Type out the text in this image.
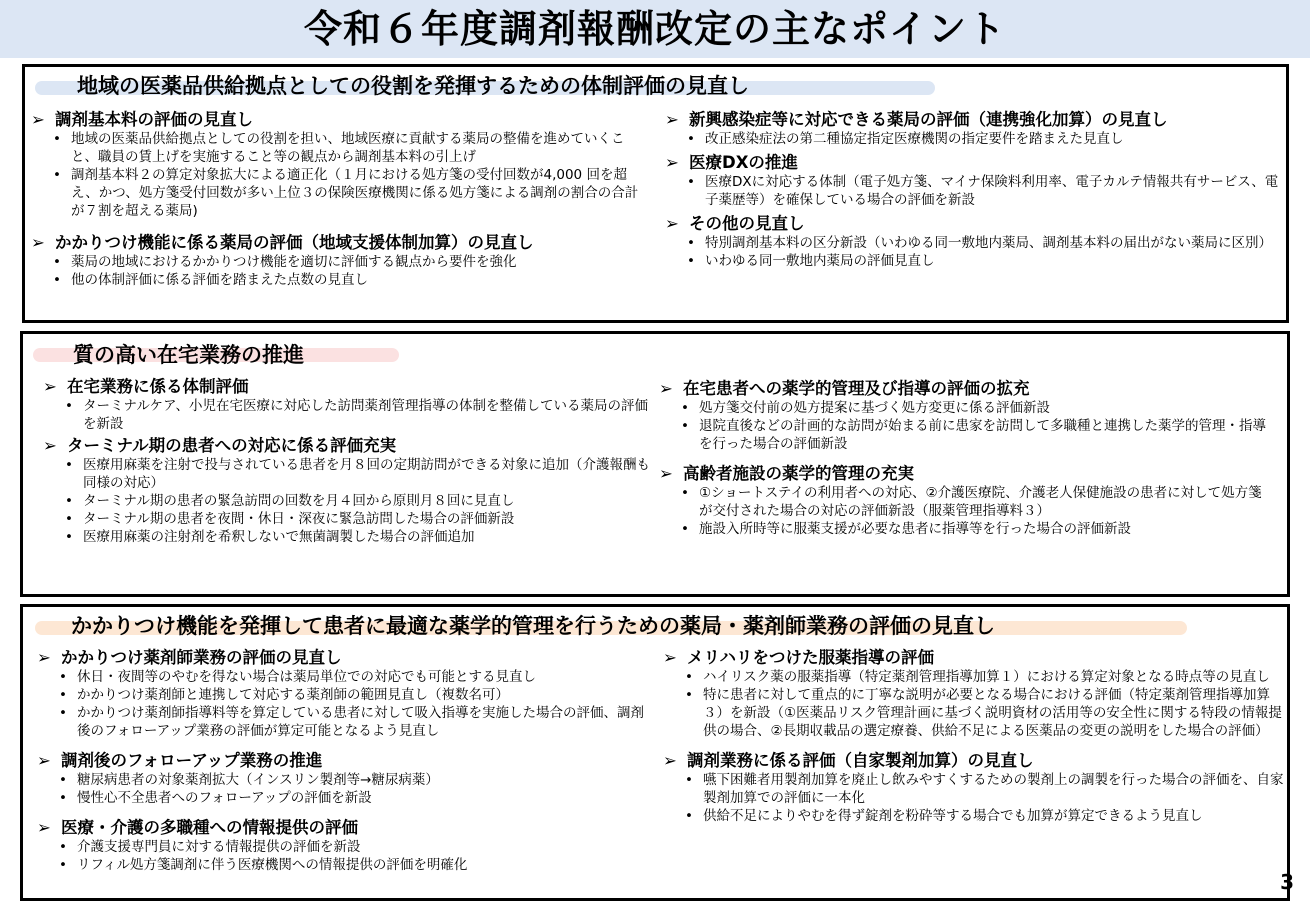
令和６年度調剤報酬改定の主なポイント
地域の医薬品供給拠点としての役割を発揮するための体制評価の見直し
➢ 調剤基本料の評価の見直し
• 地域の医薬品供給拠点としての役割を担い、地域医療に貢献する薬局の整備を進めていくこと、職員の賃上げを実施すること等の観点から調剤基本料の引上げ
• 調剤基本料２の算定対象拡大による適正化（１月における処方箋の受付回数が4,000 回を超え、かつ、処方箋受付回数が多い上位３の保険医療機関に係る処方箋による調剤の割合の合計が７割を超える薬局)
➢ かかりつけ機能に係る薬局の評価（地域支援体制加算）の見直し
• 薬局の地域におけるかかりつけ機能を適切に評価する観点から要件を強化
• 他の体制評価に係る評価を踏まえた点数の見直し
➢ 新興感染症等に対応できる薬局の評価（連携強化加算）の見直し
• 改正感染症法の第二種協定指定医療機関の指定要件を踏まえた見直し
➢ 医療DXの推進
• 医療DXに対応する体制（電子処方箋、マイナ保険料利用率、電子カルテ情報共有サービス、電子薬歴等）を確保している場合の評価を新設
➢ その他の見直し
• 特別調剤基本料の区分新設（いわゆる同一敷地内薬局、調剤基本料の届出がない薬局に区別）
• いわゆる同一敷地内薬局の評価見直し
質の高い在宅業務の推進
➢ 在宅業務に係る体制評価
• ターミナルケア、小児在宅医療に対応した訪問薬剤管理指導の体制を整備している薬局の評価を新設
➢ ターミナル期の患者への対応に係る評価充実
• 医療用麻薬を注射で投与されている患者を月８回の定期訪問ができる対象に追加（介護報酬も同様の対応）
• ターミナル期の患者の緊急訪問の回数を月４回から原則月８回に見直し
• ターミナル期の患者を夜間・休日・深夜に緊急訪問した場合の評価新設
• 医療用麻薬の注射剤を希釈しないで無菌調製した場合の評価追加
➢ 在宅患者への薬学的管理及び指導の評価の拡充
• 処方箋交付前の処方提案に基づく処方変更に係る評価新設
• 退院直後などの計画的な訪問が始まる前に患家を訪問して多職種と連携した薬学的管理・指導を行った場合の評価新設
➢ 高齢者施設の薬学的管理の充実
• ①ショートステイの利用者への対応、②介護医療院、介護老人保健施設の患者に対して処方箋が交付された場合の対応の評価新設（服薬管理指導料３）
• 施設入所時等に服薬支援が必要な患者に指導等を行った場合の評価新設
かかりつけ機能を発揮して患者に最適な薬学的管理を行うための薬局・薬剤師業務の評価の見直し
➢ かかりつけ薬剤師業務の評価の見直し
• 休日・夜間等のやむを得ない場合は薬局単位での対応でも可能とする見直し
• かかりつけ薬剤師と連携して対応する薬剤師の範囲見直し（複数名可）
• かかりつけ薬剤師指導料等を算定している患者に対して吸入指導を実施した場合の評価、調剤後のフォローアップ業務の評価が算定可能となるよう見直し
➢ 調剤後のフォローアップ業務の推進
• 糖尿病患者の対象薬剤拡大（インスリン製剤等→糖尿病薬）
• 慢性心不全患者へのフォローアップの評価を新設
➢ 医療・介護の多職種への情報提供の評価
• 介護支援専門員に対する情報提供の評価を新設
• リフィル処方箋調剤に伴う医療機関への情報提供の評価を明確化
➢ メリハリをつけた服薬指導の評価
• ハイリスク薬の服薬指導（特定薬剤管理指導加算１）における算定対象となる時点等の見直し
• 特に患者に対して重点的に丁寧な説明が必要となる場合における評価（特定薬剤管理指導加算３）を新設（①医薬品リスク管理計画に基づく説明資材の活用等の安全性に関する特段の情報提供の場合、②長期収載品の選定療養、供給不足による医薬品の変更の説明をした場合の評価）
➢ 調剤業務に係る評価（自家製剤加算）の見直し
• 嚥下困難者用製剤加算を廃止し飲みやすくするための製剤上の調製を行った場合の評価を、自家製剤加算での評価に一本化
• 供給不足によりやむを得ず錠剤を粉砕等する場合でも加算が算定できるよう見直し
3
